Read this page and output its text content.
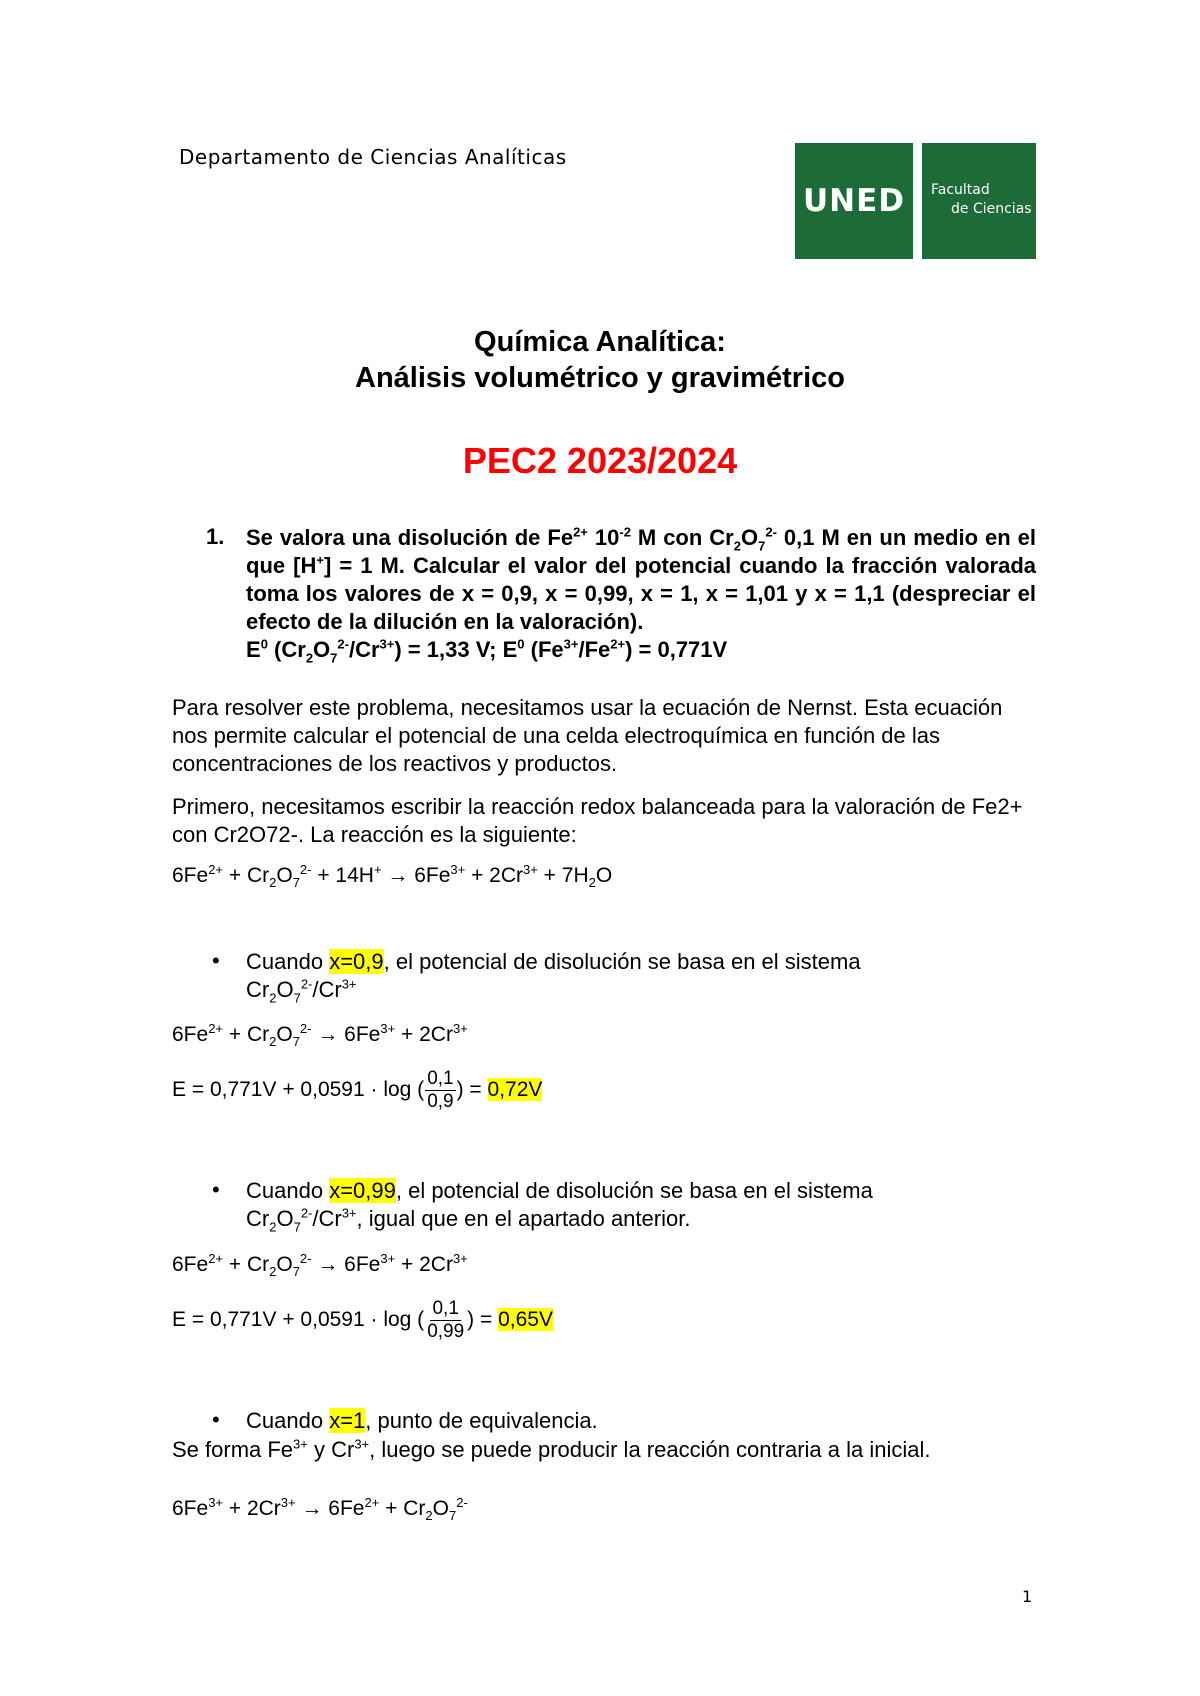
Departamento de Ciencias Analíticas
UNED	Facultad
de Ciencias
Química Analítica:
Análisis volumétrico y gravimétrico
PEC2 2023/2024
1. Se valora una disolución de $Fe^{2+}$ $10^{-2}$ M con $Cr_2O_7^{2-}$ 0,1 M en un medio en el que [H+] = 1 M. Calcular el valor del potencial cuando la fracción valorada toma los valores de x = 0,9, x = 0,99, x = 1, x = 1,01 y x = 1,1 (despreciar el efecto de la dilución en la valoración).
$E^0$ $(Cr_2O_7^{2-}/Cr^{3+}) = 1,33$ V; $E^0$ $(Fe^{3+}/Fe^{2+}) = 0,771V$
Para resolver este problema, necesitamos usar la ecuación de Nernst. Esta ecuación nos permite calcular el potencial de una celda electroquímica en función de las concentraciones de los reactivos y productos.
Primero, necesitamos escribir la reacción redox balanceada para la valoración de Fe2+ con Cr2O72-. La reacción es la siguiente:
$6Fe^{2+} + Cr_2O_7^{2-} + 14H^+ \to 6Fe^{3+} + 2Cr^{3+} + 7H_2O$
• Cuando x=0,9, el potencial de disolución se basa en el sistema
$Cr_2O_7^{2-}/Cr^{3+}$
$6Fe^{2+} + Cr_2O_7^{2-} \to 6Fe^{3+} + 2Cr^{3+}$
E = 0,771V + 0,0591 · log ( $\frac{0,1}{0,9}$ ) = 0,72V
• Cuando x=0,99, el potencial de disolución se basa en el sistema
$Cr_2O_7^{2-}/Cr^{3+}$, igual que en el apartado anterior.
$6Fe^{2+} + Cr_2O_7^{2-} \to 6Fe^{3+} + 2Cr^{3+}$
E = 0,771V + 0,0591 · log ( $\frac{0,1}{0,99}$ ) = 0,65V
• Cuando x=1, punto de equivalencia.
Se forma $Fe^{3+}$ y $Cr^{3+}$, luego se puede producir la reacción contraria a la inicial.
$6Fe^{3+} + 2Cr^{3+} \to 6Fe^{2+} + Cr_2O_7^{2-}$
1
